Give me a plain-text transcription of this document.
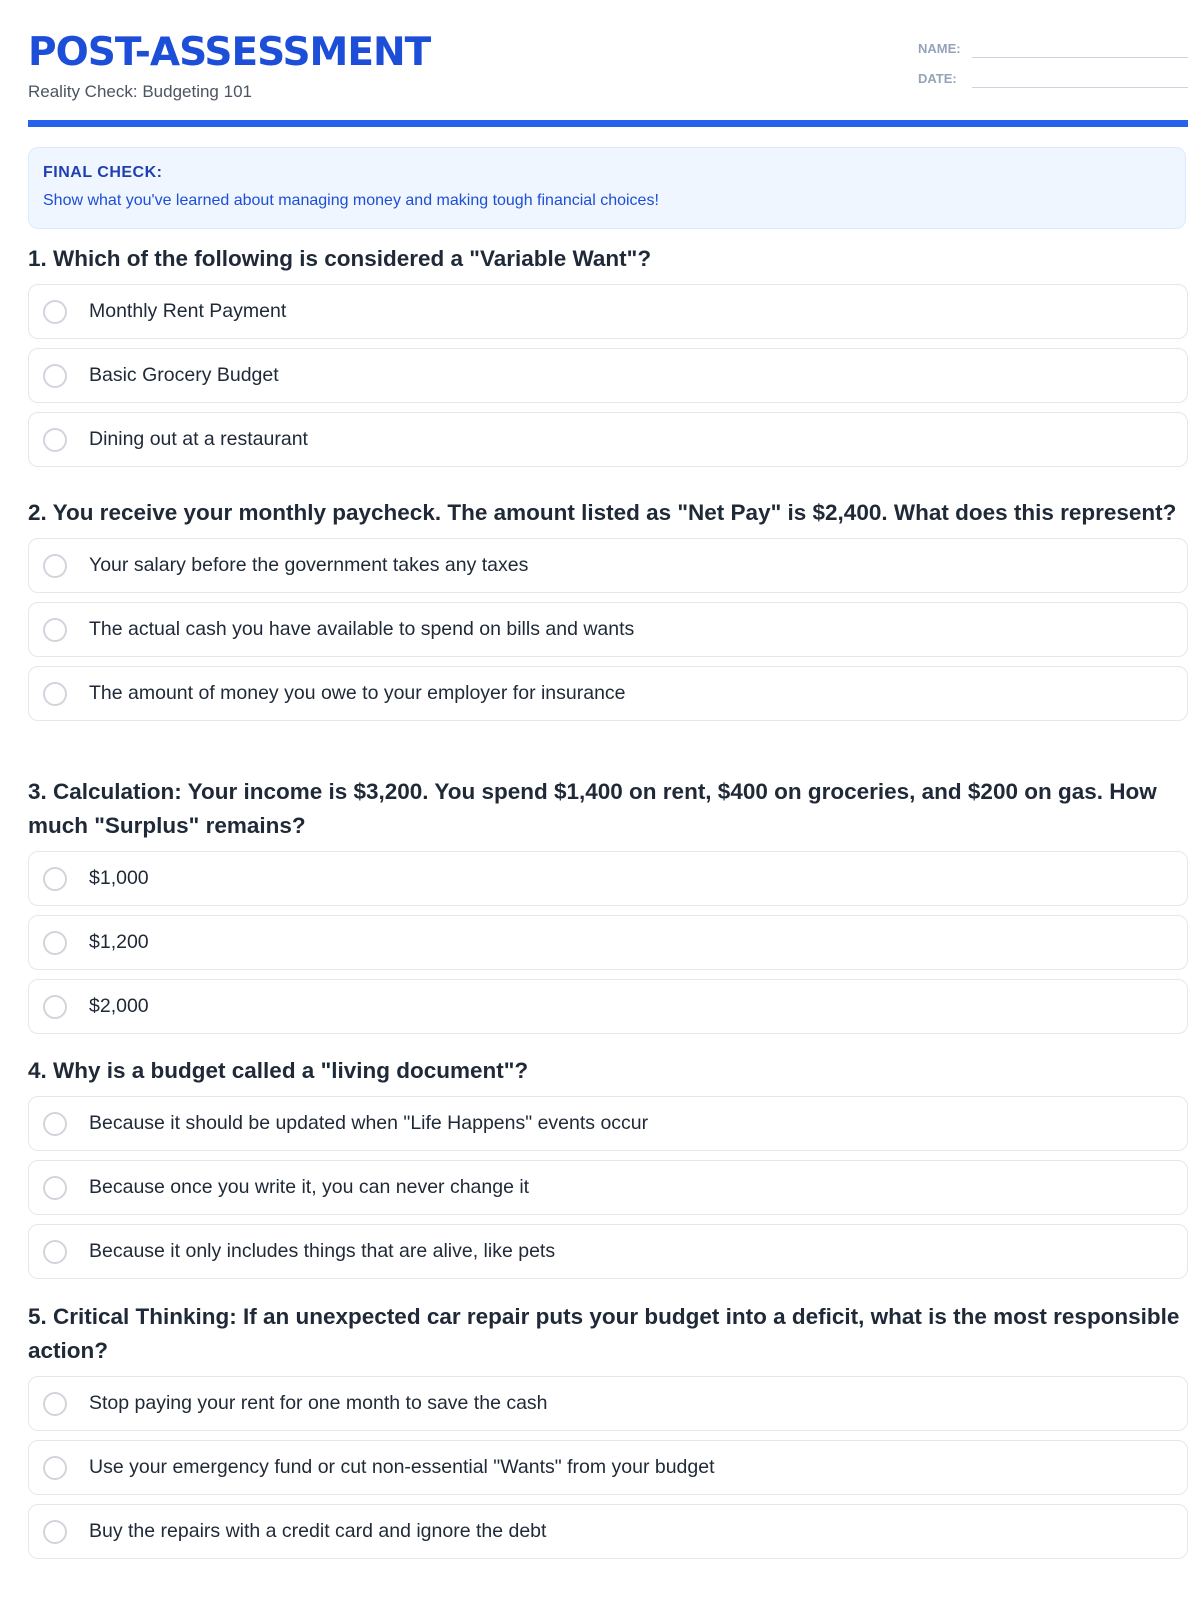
POST-ASSESSMENT
Reality Check: Budgeting 101
NAME:
DATE:
FINAL CHECK:
Show what you've learned about managing money and making tough financial choices!

1. Which of the following is considered a "Variable Want"?

Monthly Rent Payment
Basic Grocery Budget
Dining out at a restaurant

2. You receive your monthly paycheck. The amount listed as "Net Pay" is $2,400. What does this represent?

Your salary before the government takes any taxes
The actual cash you have available to spend on bills and wants
The amount of money you owe to your employer for insurance

3. Calculation: Your income is $3,200. You spend $1,400 on rent, $400 on groceries, and $200 on gas. How much "Surplus" remains?

$1,000
$1,200
$2,000

4. Why is a budget called a "living document"?

Because it should be updated when "Life Happens" events occur
Because once you write it, you can never change it
Because it only includes things that are alive, like pets

5. Critical Thinking: If an unexpected car repair puts your budget into a deficit, what is the most responsible action?

Stop paying your rent for one month to save the cash
Use your emergency fund or cut non-essential "Wants" from your budget
Buy the repairs with a credit card and ignore the debt
